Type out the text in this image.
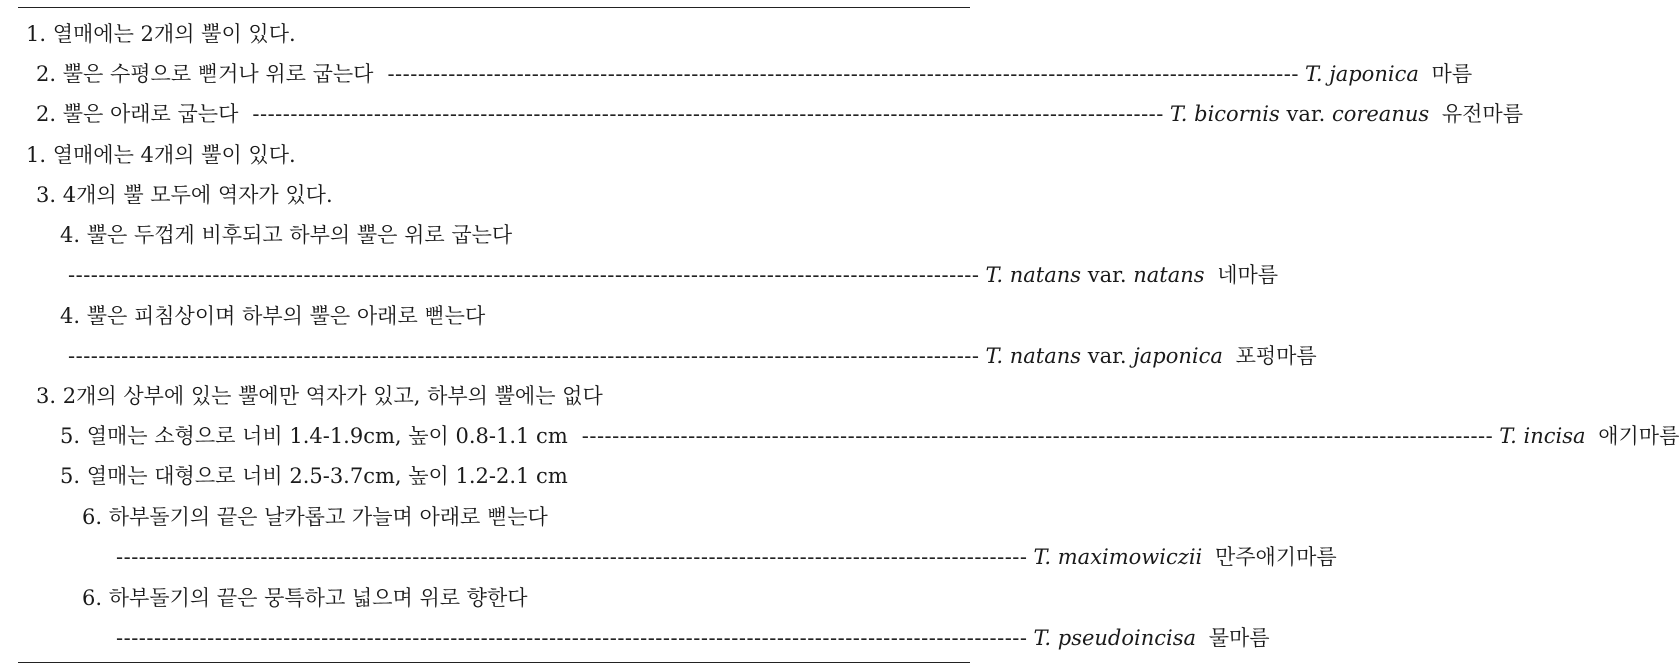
1. 열매에는 2개의 뿔이 있다.
2. 뿔은 수평으로 뻗거나 위로 굽는다 ------------------------------------------------------------------------------------------------------------------------ T. japonica 마름
2. 뿔은 아래로 굽는다 ------------------------------------------------------------------------------------------------------------------------ T. bicornis var. coreanus 유전마름
1. 열매에는 4개의 뿔이 있다.
3. 4개의 뿔 모두에 역자가 있다.
4. 뿔은 두껍게 비후되고 하부의 뿔은 위로 굽는다
------------------------------------------------------------------------------------------------------------------------ T. natans var. natans 네마름
4. 뿔은 피침상이며 하부의 뿔은 아래로 뻗는다
------------------------------------------------------------------------------------------------------------------------ T. natans var. japonica 포펑마름
3. 2개의 상부에 있는 뿔에만 역자가 있고, 하부의 뿔에는 없다
5. 열매는 소형으로 너비 1.4-1.9cm, 높이 0.8-1.1 cm ------------------------------------------------------------------------------------------------------------------------ T. incisa 애기마름
5. 열매는 대형으로 너비 2.5-3.7cm, 높이 1.2-2.1 cm
6. 하부돌기의 끝은 날카롭고 가늘며 아래로 뻗는다
------------------------------------------------------------------------------------------------------------------------ T. maximowiczii 만주애기마름
6. 하부돌기의 끝은 뭉특하고 넓으며 위로 향한다
------------------------------------------------------------------------------------------------------------------------ T. pseudoincisa 물마름
